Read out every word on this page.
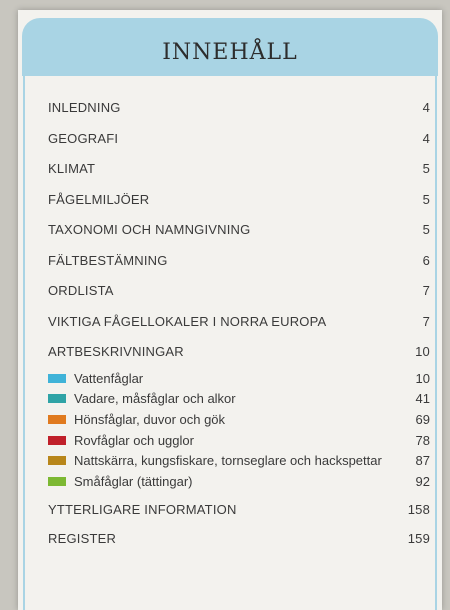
INNEHÅLL
INLEDNING	4
GEOGRAFI	4
KLIMAT	5
FÅGELMILJÖER	5
TAXONOMI OCH NAMNGIVNING	5
FÄLTBESTÄMNING	6
ORDLISTA	7
VIKTIGA FÅGELLOKALER I NORRA EUROPA	7
ARTBESKRIVNINGAR	10
Vattenfåglar	10
Vadare, måsfåglar och alkor	41
Hönsfåglar, duvor och gök	69
Rovfåglar och ugglor	78
Nattskärra, kungsfiskare, tornseglare och hackspettar	87
Småfåglar (tättingar)	92
YTTERLIGARE INFORMATION	158
REGISTER	159
